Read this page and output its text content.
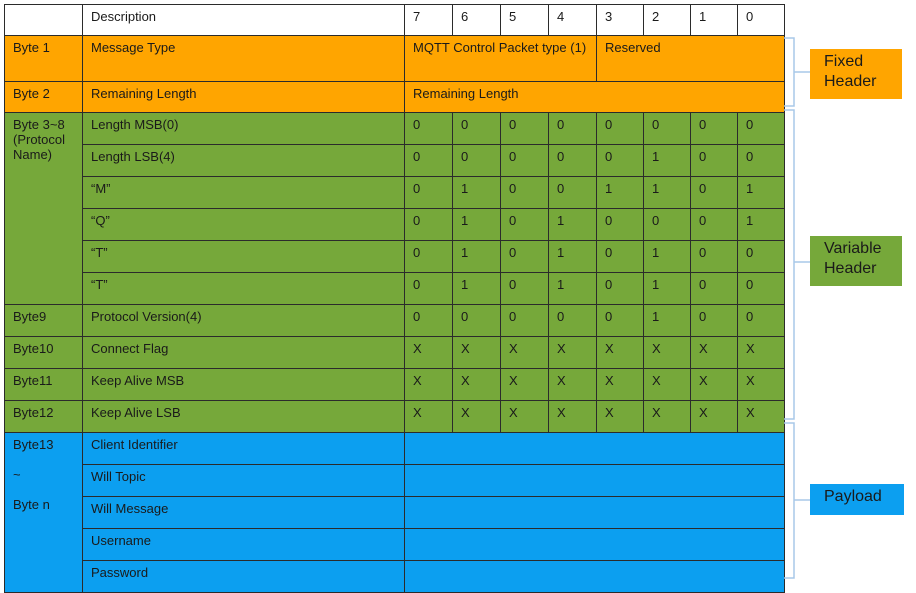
	Description	7	6	5	4	3	2	1	0
Byte 1	Message Type	MQTT Control Packet type (1)				Reserved			
Byte 2	Remaining Length	Remaining Length							
Byte 3~8
(Protocol
Name)	Length MSB(0)	0	0	0	0	0	0	0	0
	Length LSB(4)	0	0	0	0	0	1	0	0
	“M”	0	1	0	0	1	1	0	1
	“Q”	0	1	0	1	0	0	0	1
	“T”	0	1	0	1	0	1	0	0
	“T”	0	1	0	1	0	1	0	0
Byte9	Protocol Version(4)	0	0	0	0	0	1	0	0
Byte10	Connect Flag	X	X	X	X	X	X	X	X
Byte11	Keep Alive MSB	X	X	X	X	X	X	X	X
Byte12	Keep Alive LSB	X	X	X	X	X	X	X	X
Byte13

~

Byte n	Client Identifier								
	Will Topic								
	Will Message								
	Username								
	Password								
Fixed
Header
Variable
Header
Payload
